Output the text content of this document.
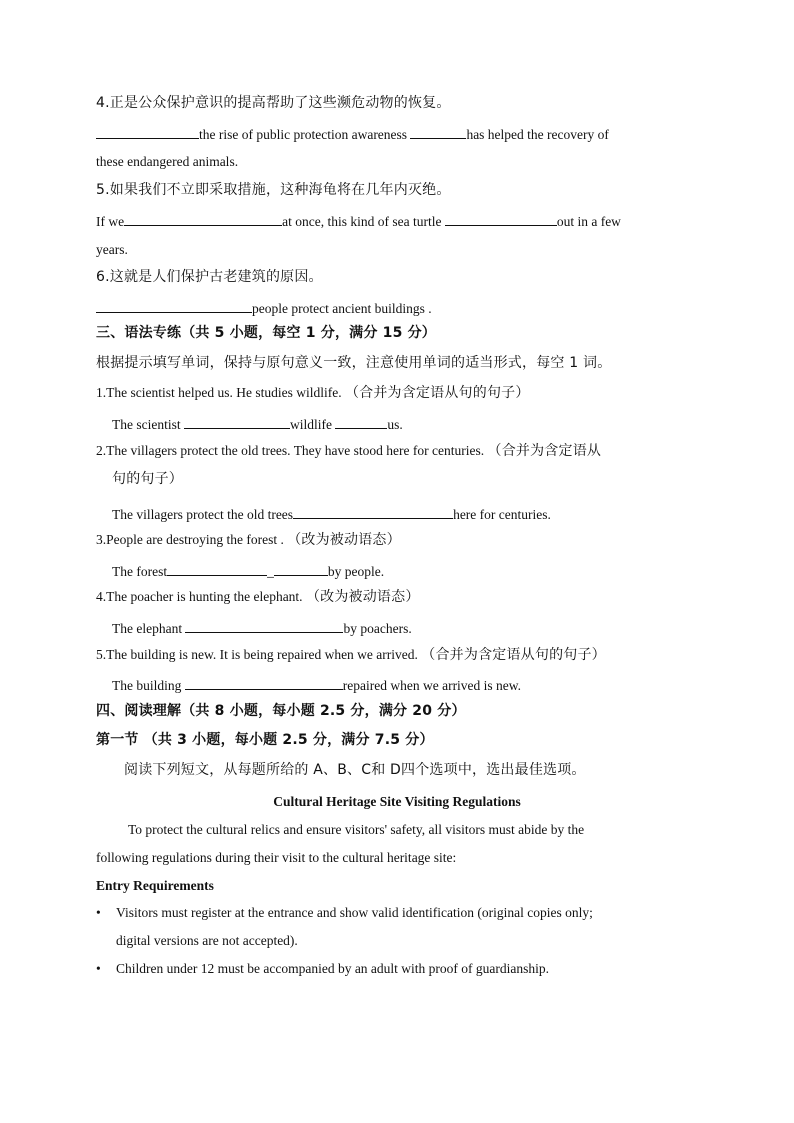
4.正是公众保护意识的提高帮助了这些濒危动物的恢复。
the rise of public protection awareness	has helped the recovery of
these endangered animals.
5.如果我们不立即采取措施，这种海龟将在几年内灭绝。
If we	at once, this kind of sea turtle	out in a few
years.
6.这就是人们保护古老建筑的原因。
people protect ancient buildings .
三、语法专练（共 5 小题，每空 1 分，满分 15 分）
根据提示填写单词，保持与原句意义一致，注意使用单词的适当形式，每空 1 词。
1.The scientist helped us. He studies wildlife. （合并为含定语从句的句子）
The scientist	wildlife	us.
2.The villagers protect the old trees. They have stood here for centuries. （合并为含定语从
句的句子）
The villagers protect the old trees	here for centuries.
3.People are destroying the forest . （改为被动语态）
The forest	_	by people.
4.The poacher is hunting the elephant. （改为被动语态）
The elephant	by poachers.
5.The building is new. It is being repaired when we arrived. （合并为含定语从句的句子）
The building	repaired when we arrived is new.
四、阅读理解（共 8 小题，每小题 2.5 分，满分 20 分）
第一节 （共 3 小题，每小题 2.5 分，满分 7.5 分）
阅读下列短文，从每题所给的 A、B、C和 D四个选项中，选出最佳选项。
Cultural Heritage Site Visiting Regulations
To protect the cultural relics and ensure visitors' safety, all visitors must abide by the
following regulations during their visit to the cultural heritage site:
Entry Requirements
• Visitors must register at the entrance and show valid identification (original copies only;
digital versions are not accepted).
• Children under 12 must be accompanied by an adult with proof of guardianship.
